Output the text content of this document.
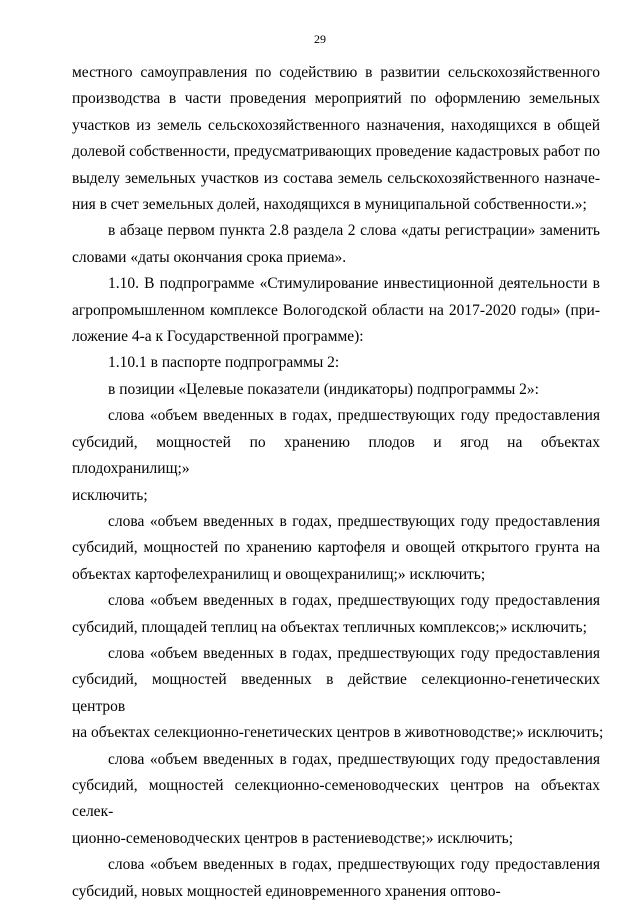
29
местного самоуправления по содействию в развитии сельскохозяйственного
производства в части проведения мероприятий по оформлению земельных
участков из земель сельскохозяйственного назначения, находящихся в общей
долевой собственности, предусматривающих проведение кадастровых работ по
выделу земельных участков из состава земель сельскохозяйственного назначе-
ния в счет земельных долей, находящихся в муниципальной собственности.»;
в абзаце первом пункта 2.8 раздела 2 слова «даты регистрации» заменить
словами «даты окончания срока приема».
1.10. В подпрограмме «Стимулирование инвестиционной деятельности в
агропромышленном комплексе Вологодской области на 2017-2020 годы» (при-
ложение 4-а к Государственной программе):
1.10.1 в паспорте подпрограммы 2:
в позиции «Целевые показатели (индикаторы) подпрограммы 2»:
слова «объем введенных в годах, предшествующих году предоставления
субсидий, мощностей по хранению плодов и ягод на объектах плодохранилищ;»
исключить;
слова «объем введенных в годах, предшествующих году предоставления
субсидий, мощностей по хранению картофеля и овощей открытого грунта на
объектах картофелехранилищ и овощехранилищ;» исключить;
слова «объем введенных в годах, предшествующих году предоставления
субсидий, площадей теплиц на объектах тепличных комплексов;» исключить;
слова «объем введенных в годах, предшествующих году предоставления
субсидий, мощностей введенных в действие селекционно-генетических центров
на объектах селекционно-генетических центров в животноводстве;» исключить;
слова «объем введенных в годах, предшествующих году предоставления
субсидий, мощностей селекционно-семеноводческих центров на объектах селек-
ционно-семеноводческих центров в растениеводстве;» исключить;
слова «объем введенных в годах, предшествующих году предоставления
субсидий, новых мощностей единовременного хранения оптово-
